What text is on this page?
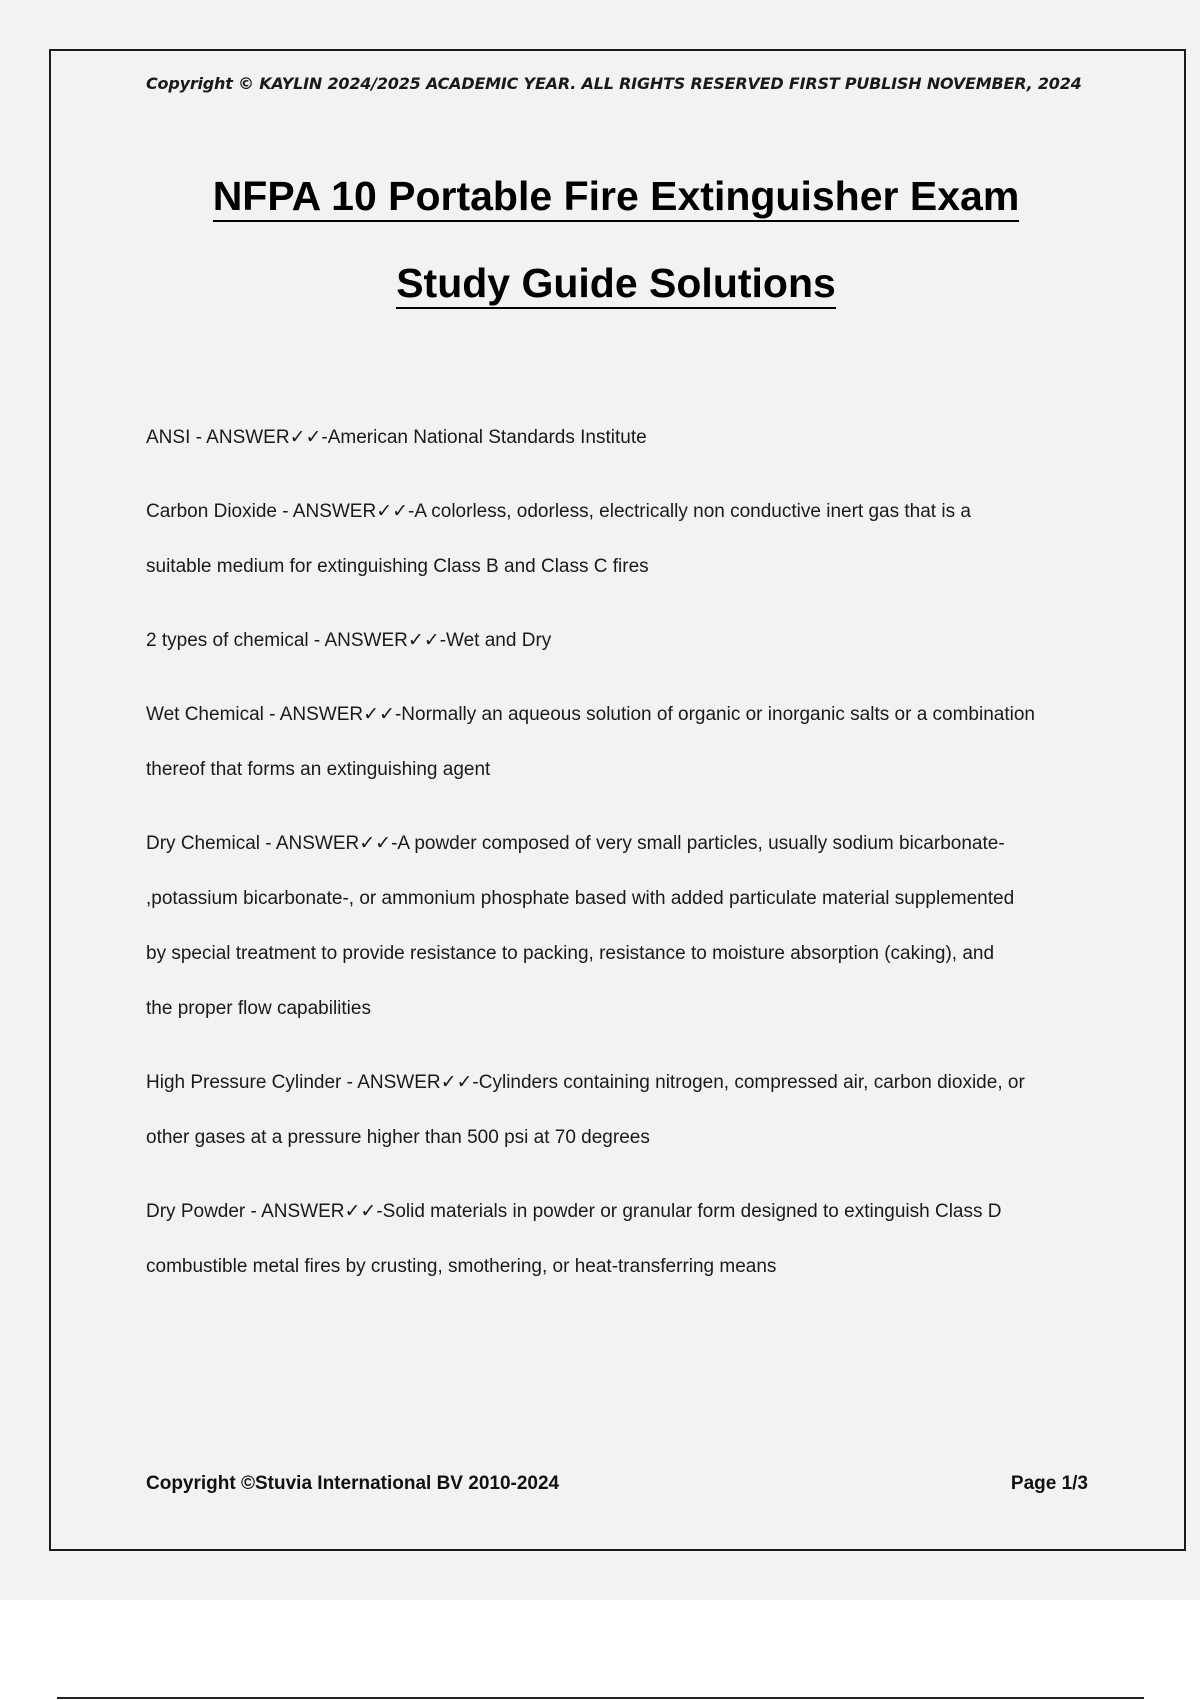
Copyright © KAYLIN 2024/2025 ACADEMIC YEAR. ALL RIGHTS RESERVED FIRST PUBLISH NOVEMBER, 2024
NFPA 10 Portable Fire Extinguisher Exam
Study Guide Solutions
ANSI - ANSWER✓✓-American National Standards Institute
Carbon Dioxide - ANSWER✓✓-A colorless, odorless, electrically non conductive inert gas that is a
suitable medium for extinguishing Class B and Class C fires
2 types of chemical - ANSWER✓✓-Wet and Dry
Wet Chemical - ANSWER✓✓-Normally an aqueous solution of organic or inorganic salts or a combination
thereof that forms an extinguishing agent
Dry Chemical - ANSWER✓✓-A powder composed of very small particles, usually sodium bicarbonate-
,potassium bicarbonate-, or ammonium phosphate based with added particulate material supplemented
by special treatment to provide resistance to packing, resistance to moisture absorption (caking), and
the proper flow capabilities
High Pressure Cylinder - ANSWER✓✓-Cylinders containing nitrogen, compressed air, carbon dioxide, or
other gases at a pressure higher than 500 psi at 70 degrees
Dry Powder - ANSWER✓✓-Solid materials in powder or granular form designed to extinguish Class D
combustible metal fires by crusting, smothering, or heat-transferring means
Copyright ©Stuvia International BV 2010-2024	Page 1/3
